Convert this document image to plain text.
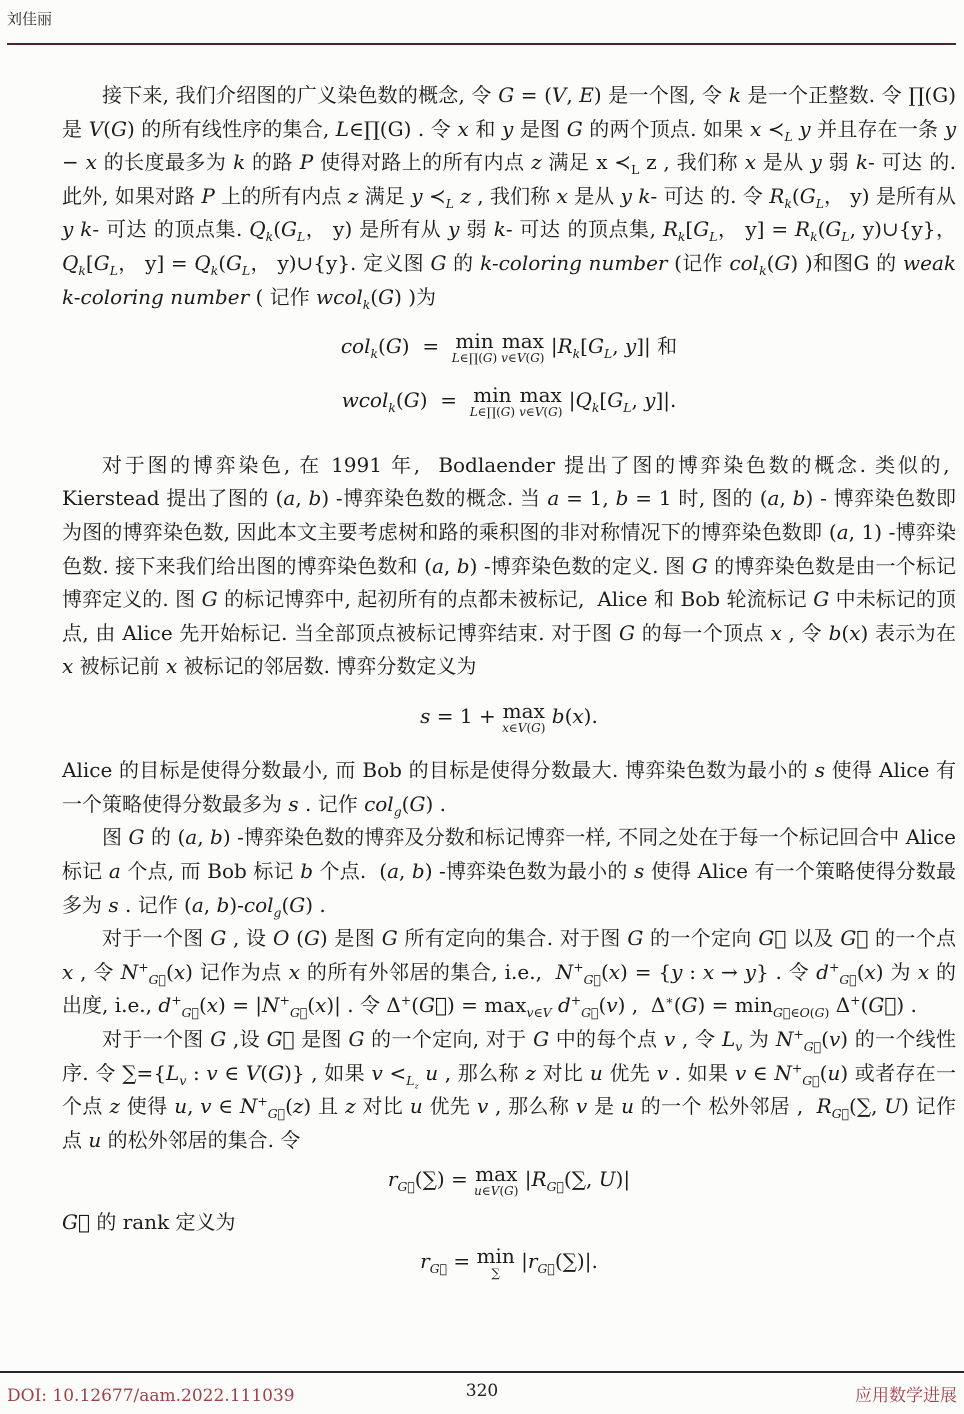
刘佳丽

接下来, 我们介绍图的广义染色数的概念, 令 G = (V, E) 是一个图, 令 k 是一个正整数. 令 ∏(G) 是 V(G) 的所有线性序的集合, L∈∏(G) . 令 x 和 y 是图 G 的两个顶点. 如果 x $≺_L$ y 并且存在一条 y − x 的长度最多为 k 的路 P 使得对路上的所有内点 z 满足 x $≺_L$ z , 我们称 x 是从 y 弱 k- 可达 的. 此外, 如果对路 P 上的所有内点 z 满足 y $≺_L$ z , 我们称 x 是从 y k- 可达 的. 令 $R_k(G_L$， y) 是所有从 y k- 可达 的顶点集. $Q_k(G_L$， y) 是所有从 y 弱 k- 可达 的顶点集, $R_k[G_L$， $y] = R_k(G_L$, y)∪{y}， $Q_k[G_L$， $y] = Q_k(G_L$， y)∪{y}. 定义图 G 的 k-coloring number (记作 col$_k$(G) )和图G 的 weak k-coloring number ( 记作 wcol$_k$(G) )为

col$_k$(G)  = min
L∈∏(G)

max
v∈V(G) $|R_k[G_L$, y]| 和
wcol$_k$(G)  = min
L∈∏(G)

max
v∈V(G) $|Q_k[G_L$, y]|.

对于图的博弈染色, 在 1991 年,  Bodlaender 提出了图的博弈染色数的概念. 类似的,  Kierstead 提出了图的 (a, b) -博弈染色数的概念. 当 a = 1, b = 1 时, 图的 (a, b) - 博弈染色数即为图的博弈染色数, 因此本文主要考虑树和路的乘积图的非对称情况下的博弈染色数即 (a, 1) -博弈染色数. 接下来我们给出图的博弈染色数和 (a, b) -博弈染色数的定义. 图 G 的博弈染色数是由一个标记博弈定义的. 图 G 的标记博弈中, 起初所有的点都未被标记,  Alice 和 Bob 轮流标记 G 中未标记的顶点, 由 Alice 先开始标记. 当全部顶点被标记博弈结束. 对于图 G 的每一个顶点 x , 令 b(x) 表示为在 x 被标记前 x 被标记的邻居数. 博弈分数定义为

s = 1 + max
x∈V(G) b(x).

Alice 的目标是使得分数最小, 而 Bob 的目标是使得分数最大. 博弈染色数为最小的 s 使得 Alice 有一个策略使得分数最多为 s . 记作 col$_g$(G) .

图 G 的 (a, b) -博弈染色数的博弈及分数和标记博弈一样, 不同之处在于每一个标记回合中 Alice 标记 a 个点, 而 Bob 标记 b 个点.  (a, b) -博弈染色数为最小的 s 使得 Alice 有一个策略使得分数最多为 s . 记作 (a, b)-col$_g$(G) .

对于一个图 G , 设 O (G) 是图 G 所有定向的集合. 对于图 G 的一个定向 G⃗ 以及 G⃗ 的一个点 x , 令 $N^+_{G⃗}(x)$ 记作为点 x 的所有外邻居的集合, i.e.,  $N^+_{G⃗}(x) = \{y$ : x → y} . 令 $d^+_{G⃗}(x)$ 为 x 的出度, i.e., $d^+_{G⃗}(x) = |N^+_{G⃗}(x)|$ . 令 Δ+(G⃗) = $\max_{v\in V} d^+_{G⃗}(v)$ ,  $\Delta^∗(G) = \min_{G⃗\in O(G)}$ Δ+(G⃗) .

对于一个图 G ,设 G⃗ 是图 G 的一个定向, 对于 G 中的每个点 v , 令 $L_v$ 为 $N^+_{G⃗}(v)$ 的一个线性序. 令 $\sum=\{L_v$ : v ∈ V(G)} , 如果 $v <_{L_z}$ u , 那么称 z 对比 u 优先 v . 如果 v ∈ $N^+_{G⃗}(u)$ 或者存在一个点 z 使得 u, v ∈ $N^+_{G⃗}(z)$ 且 z 对比 u 优先 v , 那么称 v 是 u 的一个 松外邻居 ,  $R_{G⃗}(\sum$, U) 记作点 u 的松外邻居的集合. 令

$r_{G⃗}(\sum) = \max$
u∈V(G) $|R_{G⃗}(\sum$, U)|

G⃗ 的 rank 定义为

$r_{G⃗} = \min$
∑ $|r_{G⃗}(\sum)|$.
DOI: 10.12677/aam.2022.111039	320	应用数学进展
